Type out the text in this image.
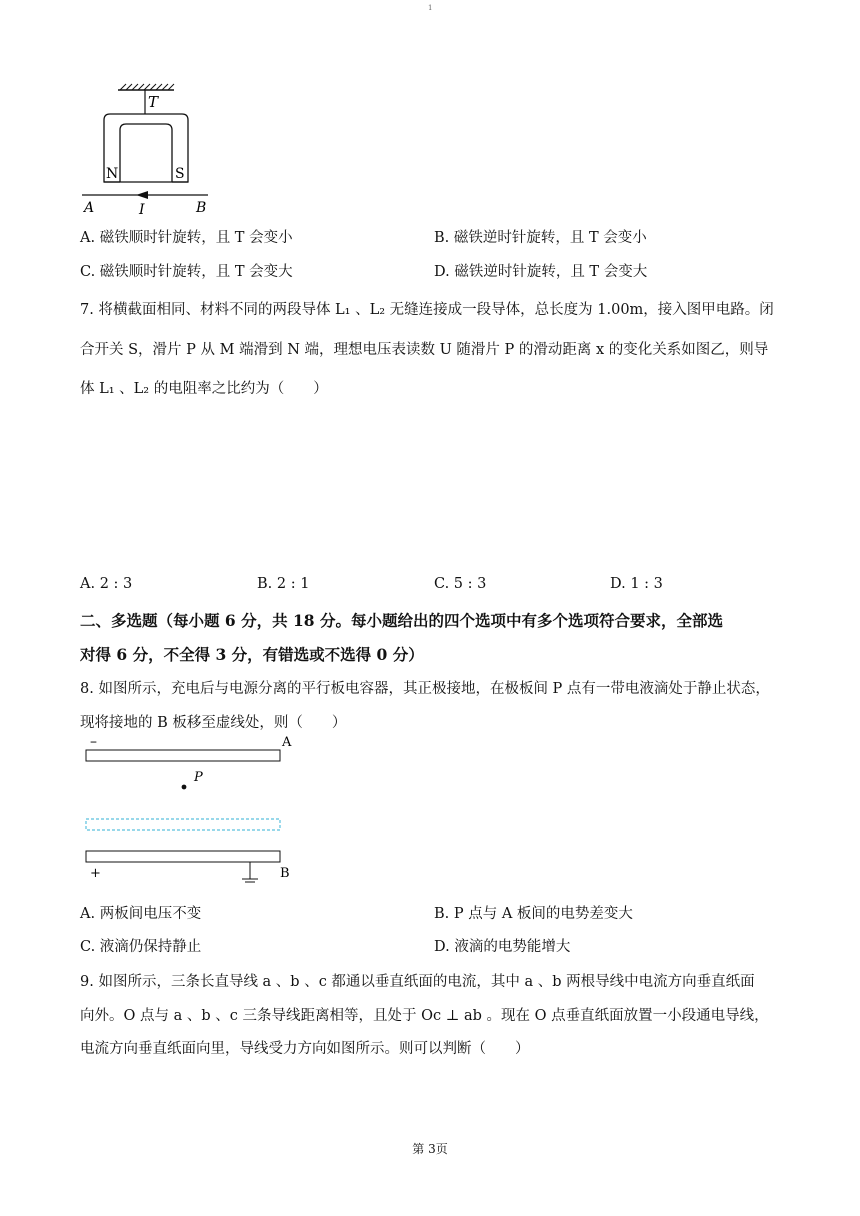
1
T
N	S
A	B
I
A. 磁铁顺时针旋转，且 T 会变小	B. 磁铁逆时针旋转，且 T 会变小
C. 磁铁顺时针旋转，且 T 会变大	D. 磁铁逆时针旋转，且 T 会变大
7. 将横截面相同、材料不同的两段导体 L₁ 、L₂ 无缝连接成一段导体，总长度为 1.00m，接入图甲电路。闭
合开关 S，滑片 P 从 M 端滑到 N 端，理想电压表读数 U 随滑片 P 的滑动距离 x 的变化关系如图乙，则导
体 L₁ 、L₂ 的电阻率之比约为（　　）
A. 2 : 3	B. 2 : 1	C. 5 : 3	D. 1 : 3
二、多选题（每小题 6 分，共 18 分。每小题给出的四个选项中有多个选项符合要求，全部选
对得 6 分，不全得 3 分，有错选或不选得 0 分）
8. 如图所示，充电后与电源分离的平行板电容器，其正极接地，在极板间 P 点有一带电液滴处于静止状态，
现将接地的 B 板移至虚线处，则（　　）
–	A
P
+	B
A. 两板间电压不变	B. P 点与 A 板间的电势差变大
C. 液滴仍保持静止	D. 液滴的电势能增大
9. 如图所示，三条长直导线 a 、b 、c 都通以垂直纸面的电流，其中 a 、b 两根导线中电流方向垂直纸面
向外。O 点与 a 、b 、c 三条导线距离相等，且处于 Oc ⊥ ab 。现在 O 点垂直纸面放置一小段通电导线，
电流方向垂直纸面向里，导线受力方向如图所示。则可以判断（　　）
第 3页
